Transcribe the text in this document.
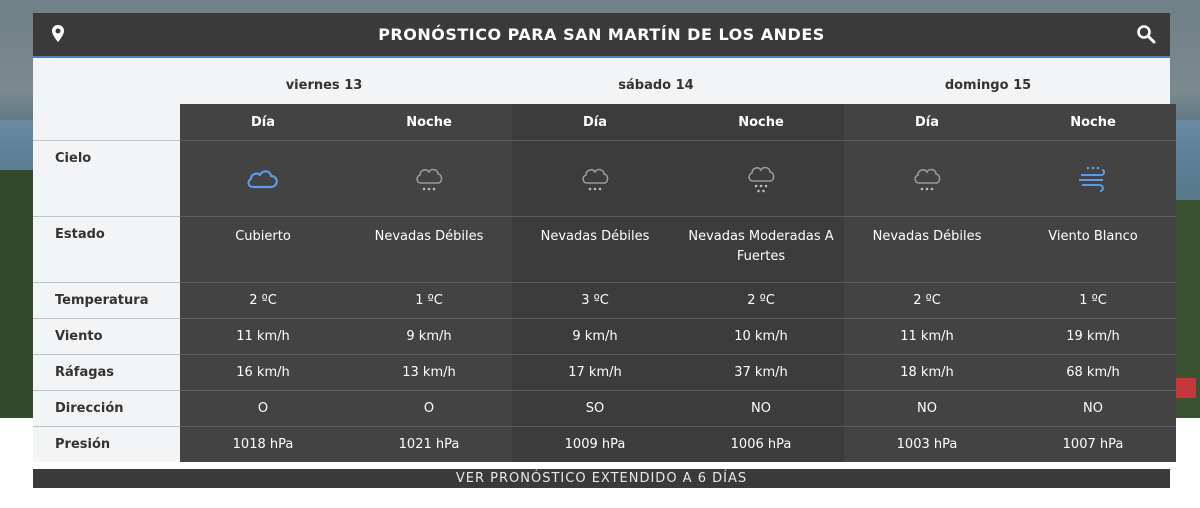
PRONÓSTICO PARA SAN MARTÍN DE LOS ANDES
viernes 13	sábado 14	domingo 15
	Día	Noche	Día	Noche	Día	Noche
Cielo						
Estado	Cubierto	Nevadas Débiles	Nevadas Débiles	Nevadas Moderadas A Fuertes	Nevadas Débiles	Viento Blanco
Temperatura	2 ºC	1 ºC	3 ºC	2 ºC	2 ºC	1 ºC
Viento	11 km/h	9 km/h	9 km/h	10 km/h	11 km/h	19 km/h
Ráfagas	16 km/h	13 km/h	17 km/h	37 km/h	18 km/h	68 km/h
Dirección	O	O	SO	NO	NO	NO
Presión	1018 hPa	1021 hPa	1009 hPa	1006 hPa	1003 hPa	1007 hPa
VER PRONÓSTICO EXTENDIDO A 6 DÍAS
